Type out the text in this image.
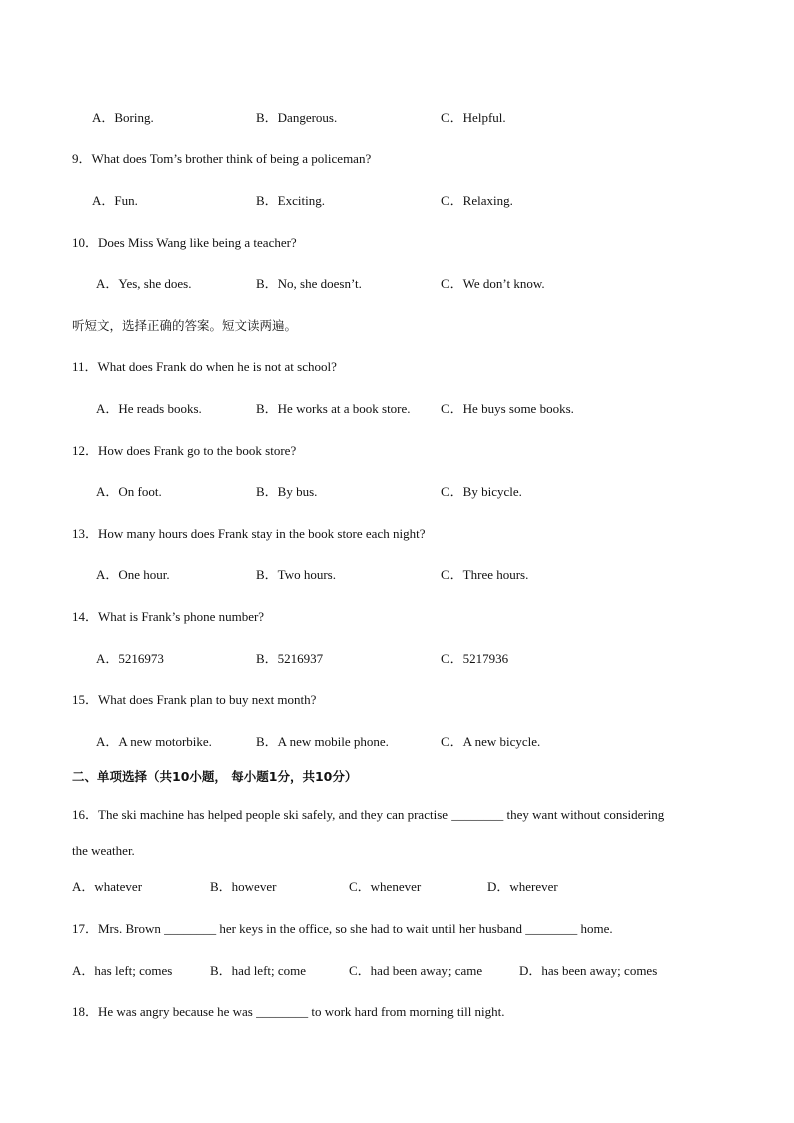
A．Boring.	B．Dangerous.	C．Helpful.
9．What does Tom’s brother think of being a policeman?
A．Fun.	B．Exciting.	C．Relaxing.
10．Does Miss Wang like being a teacher?
A．Yes, she does.	B．No, she doesn’t.	C．We don’t know.
听短文，选择正确的答案。短文读两遍。
11．What does Frank do when he is not at school?
A．He reads books.	B．He works at a book store. C．He buys some books.
12．How does Frank go to the book store?
A．On foot.	B．By bus.	C．By bicycle.
13．How many hours does Frank stay in the book store each night?
A．One hour.	B．Two hours.	C．Three hours.
14．What is Frank’s phone number?
A．5216973	B．5216937	C．5217936
15．What does Frank plan to buy next month?
A．A new motorbike.	B．A new mobile phone.	C．A new bicycle.
二、单项选择（共10小题， 每小题1分，共10分）
16．The ski machine has helped people ski safely, and they can practise ________ they want without considering
the weather.
A．whatever	B．however	C．whenever	D．wherever
17．Mrs. Brown ________ her keys in the office, so she had to wait until her husband ________ home.
A．has left; comes	B．had left; come	C．had been away; came	D．has been away; comes
18．He was angry because he was ________ to work hard from morning till night.
